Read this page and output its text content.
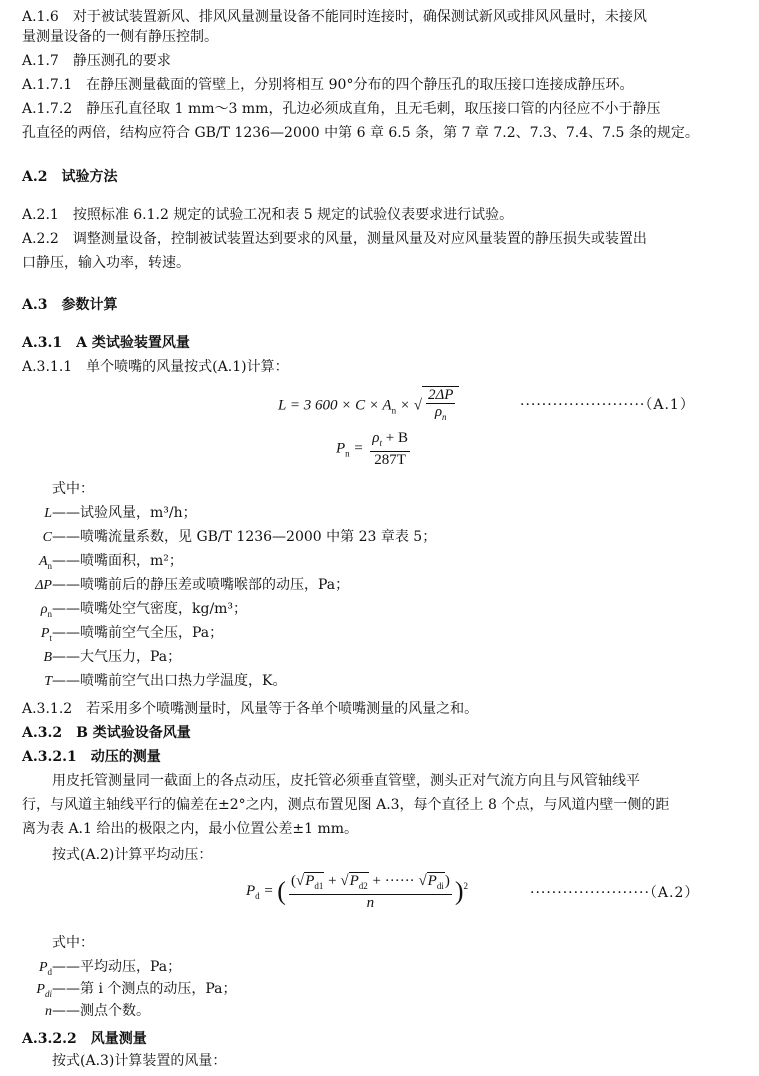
A.1.6　对于被试装置新风、排风风量测量设备不能同时连接时，确保测试新风或排风风量时，未接风
量测量设备的一侧有静压控制。
A.1.7　静压测孔的要求
A.1.7.1　在静压测量截面的管壁上，分别将相互 90°分布的四个静压孔的取压接口连接成静压环。
A.1.7.2　静压孔直径取 1 mm～3 mm，孔边必须成直角，且无毛刺，取压接口管的内径应不小于静压
孔直径的两倍，结构应符合 GB/T 1236—2000 中第 6 章 6.5 条，第 7 章 7.2、7.3、7.4、7.5 条的规定。
A.2　试验方法
A.2.1　按照标准 6.1.2 规定的试验工况和表 5 规定的试验仪表要求进行试验。
A.2.2　调整测量设备，控制被试装置达到要求的风量，测量风量及对应风量装置的静压损失或装置出
口静压，输入功率，转速。
A.3　参数计算
A.3.1　A 类试验装置风量
A.3.1.1　单个喷嘴的风量按式(A.1)计算：
L = 3 $600 \times C \times A_n$ × √ $\frac{2\Delta P}{\rho_n}$	·······················（A.1）
$P_n = \frac{\rho_t + B}{287T}$
式中：
L——试验风量，m³/h；
C——喷嘴流量系数，见 GB/T 1236—2000 中第 23 章表 5；
$A_n——$喷嘴面积，m²；
ΔP——喷嘴前后的静压差或喷嘴喉部的动压，Pa；
$\rho_n——$喷嘴处空气密度，kg/m³；
$P_t——$喷嘴前空气全压，Pa；
B——大气压力，Pa；
T——喷嘴前空气出口热力学温度，K。
A.3.1.2　若采用多个喷嘴测量时，风量等于各单个喷嘴测量的风量之和。
A.3.2　B 类试验设备风量
A.3.2.1　动压的测量
用皮托管测量同一截面上的各点动压，皮托管必须垂直管壁，测头正对气流方向且与风管轴线平
行，与风道主轴线平行的偏差在±2°之内，测点布置见图 A.3，每个直径上 8 个点，与风道内壁一侧的距
离为表 A.1 给出的极限之内，最小位置公差±1 mm。
按式(A.2)计算平均动压：
$P_d$ = ( $\frac{(√P_{d1} + √P_{d2} + \cdot\cdot\cdot\cdot\cdot\cdot √P_{di})}{n} )^2$	······················（A.2）
式中：
$P_d——$平均动压，Pa；
$P_{di}——$第 i 个测点的动压，Pa；
n——测点个数。
A.3.2.2　风量测量
按式(A.3)计算装置的风量：
